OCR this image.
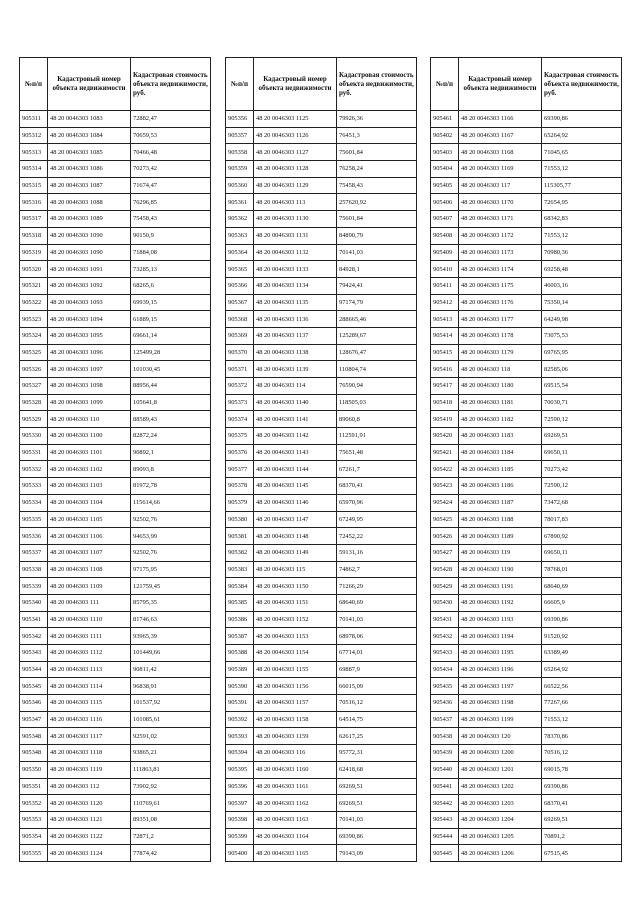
№п/п	Кадастровый номер объекта недвижимости	Кадастровая стоимость объекта недвижимости, руб.
905311	48 20 0046303 1083	72882,47
905312	48 20 0046303 1084	70659,53
905313	48 20 0046303 1085	70466,48
905314	48 20 0046303 1086	70273,42
905315	48 20 0046303 1087	71674,47
905316	48 20 0046303 1088	76296,85
905317	48 20 0046303 1089	75458,43
905318	48 20 0046303 1090	90150,9
905319	48 20 0046303 1090	71884,08
905320	48 20 0046303 1091	73285,13
905321	48 20 0046303 1092	68265,6
905322	48 20 0046303 1093	69939,15
905323	48 20 0046303 1094	61889,15
905324	48 20 0046303 1095	69661,14
905325	48 20 0046303 1096	125499,28
905326	48 20 0046303 1097	101030,45
905327	48 20 0046303 1098	88956,44
905328	48 20 0046303 1099	105641,8
905329	48 20 0046303 110	88589,43
905330	48 20 0046303 1100	82872,24
905331	48 20 0046303 1101	90892,1
905332	48 20 0046303 1102	89093,8
905333	48 20 0046303 1103	81972,78
905334	48 20 0046303 1104	115614,66
905335	48 20 0046303 1105	92502,76
905336	48 20 0046303 1106	94653,99
905337	48 20 0046303 1107	92502,76
905338	48 20 0046303 1108	97175,95
905339	48 20 0046303 1109	121759,45
905340	48 20 0046303 111	85795,35
905341	48 20 0046303 1110	81746,63
905342	48 20 0046303 1111	93965,39
905343	48 20 0046303 1112	101449,66
905344	48 20 0046303 1113	90811,42
905345	48 20 0046303 1114	96838,91
905346	48 20 0046303 1115	101537,92
905347	48 20 0046303 1116	101085,61
905348	48 20 0046303 1117	92591,02
905348	48 20 0046303 1118	93865,21
905350	48 20 0046303 1119	111863,81
905351	48 20 0046303 112	73902,92
905352	48 20 0046303 1120	110769,61
905353	48 20 0046303 1121	89351,08
905354	48 20 0046303 1122	72871,2
905355	48 20 0046303 1124	77874,42
№п/п	Кадастровый номер объекта недвижимости	Кадастровая стоимость объекта недвижимости, руб.
905356	48 20 0046303 1125	79926,36
905357	48 20 0046303 1126	76451,3
905358	48 20 0046303 1127	75601,84
905359	48 20 0046303 1128	76258,24
905360	48 20 0046303 1129	75458,43
905361	48 20 0046303 113	257620,92
905362	48 20 0046303 1130	75601,84
905363	48 20 0046303 1131	84890,79
905364	48 20 0046303 1132	70141,03
905365	48 20 0046303 1133	84928,1
905366	48 20 0046303 1134	79424,41
905367	48 20 0046303 1135	97174,79
905368	48 20 0046303 1136	288665,46
905369	48 20 0046303 1137	125289,67
905370	48 20 0046303 1138	128676,47
905371	48 20 0046303 1139	110804,74
905372	48 20 0046303 114	76590,94
905373	48 20 0046303 1140	118505,03
905374	48 20 0046303 1141	89060,8
905375	48 20 0046303 1142	112591,91
905376	48 20 0046303 1143	75651,48
905377	48 20 0046303 1144	67261,7
905378	48 20 0046303 1145	68370,41
905379	48 20 0046303 1146	65970,96
905380	48 20 0046303 1147	67249,95
905381	48 20 0046303 1148	72452,22
905382	48 20 0046303 1149	59131,16
905383	48 20 0046303 115	74862,7
905384	48 20 0046303 1150	71266,29
905385	48 20 0046303 1151	68640,69
905386	48 20 0046303 1152	70141,03
905387	48 20 0046303 1153	68978,06
905388	48 20 0046303 1154	67714,01
905389	48 20 0046303 1155	69887,9
905390	48 20 0046303 1156	66015,09
905391	48 20 0046303 1157	70516,12
905392	48 20 0046303 1158	64514,75
905393	48 20 0046303 1159	62617,25
905394	48 20 0046303 116	95772,31
905395	48 20 0046303 1160	62418,68
905396	48 20 0046303 1161	69269,51
905397	48 20 0046303 1162	69269,51
905398	48 20 0046303 1163	70141,03
905399	48 20 0046303 1164	69390,86
905400	48 20 0046303 1165	79143,09
№п/п	Кадастровый номер объекта недвижимости	Кадастровая стоимость объекта недвижимости, руб.
905461	48 20 0046303 1166	69390,86
905402	48 20 0046303 1167	65264,92
905403	48 20 0046303 1168	71045,65
905404	48 20 0046303 1169	71553,12
905405	48 20 0046303 117	115305,77
905406	48 20 0046303 1170	72654,95
905407	48 20 0046303 1171	68342,83
905408	48 20 0046303 1172	71553,12
905409	48 20 0046303 1173	70980,36
905410	48 20 0046303 1174	69258,48
905411	48 20 0046303 1175	46003,16
905412	48 20 0046303 1176	75350,14
905413	48 20 0046303 1177	64249,98
905414	48 20 0046303 1178	73075,53
905415	48 20 0046303 1179	69765,95
905416	48 20 0046303 118	82585,06
905417	48 20 0046303 1180	69515,54
905418	48 20 0046303 1181	70030,71
905419	48 20 0046303 1182	72590,12
905420	48 20 0046303 1183	69269,51
905421	48 20 0046303 1184	69650,11
905422	48 20 0046303 1185	70273,42
905423	48 20 0046303 1186	72590,12
905424	48 20 0046303 1187	73472,68
905425	48 20 0046303 1188	78017,83
905426	48 20 0046303 1189	67890,92
905427	48 20 0046303 119	69650,11
905428	48 20 0046303 1190	78768,01
905429	48 20 0046303 1191	68640,69
905430	48 20 0046303 1192	66605,9
905431	48 20 0046303 1193	69390,86
905432	48 20 0046303 1194	91520,92
905433	48 20 0046303 1195	63389,49
905434	48 20 0046303 1196	65264,92
905435	48 20 0046303 1197	66522,56
905436	48 20 0046303 1198	77267,66
905437	48 20 0046303 1199	71553,12
905438	48 20 0046303 120	78370,86
905439	48 20 0046303 1200	70516,12
905440	48 20 0046303 1201	69015,78
905441	48 20 0046303 1202	69390,86
905442	48 20 0046303 1203	68370,41
905443	48 20 0046303 1204	69269,51
905444	48 20 0046303 1205	70891,2
905445	48 20 0046303 1206	67515,45
